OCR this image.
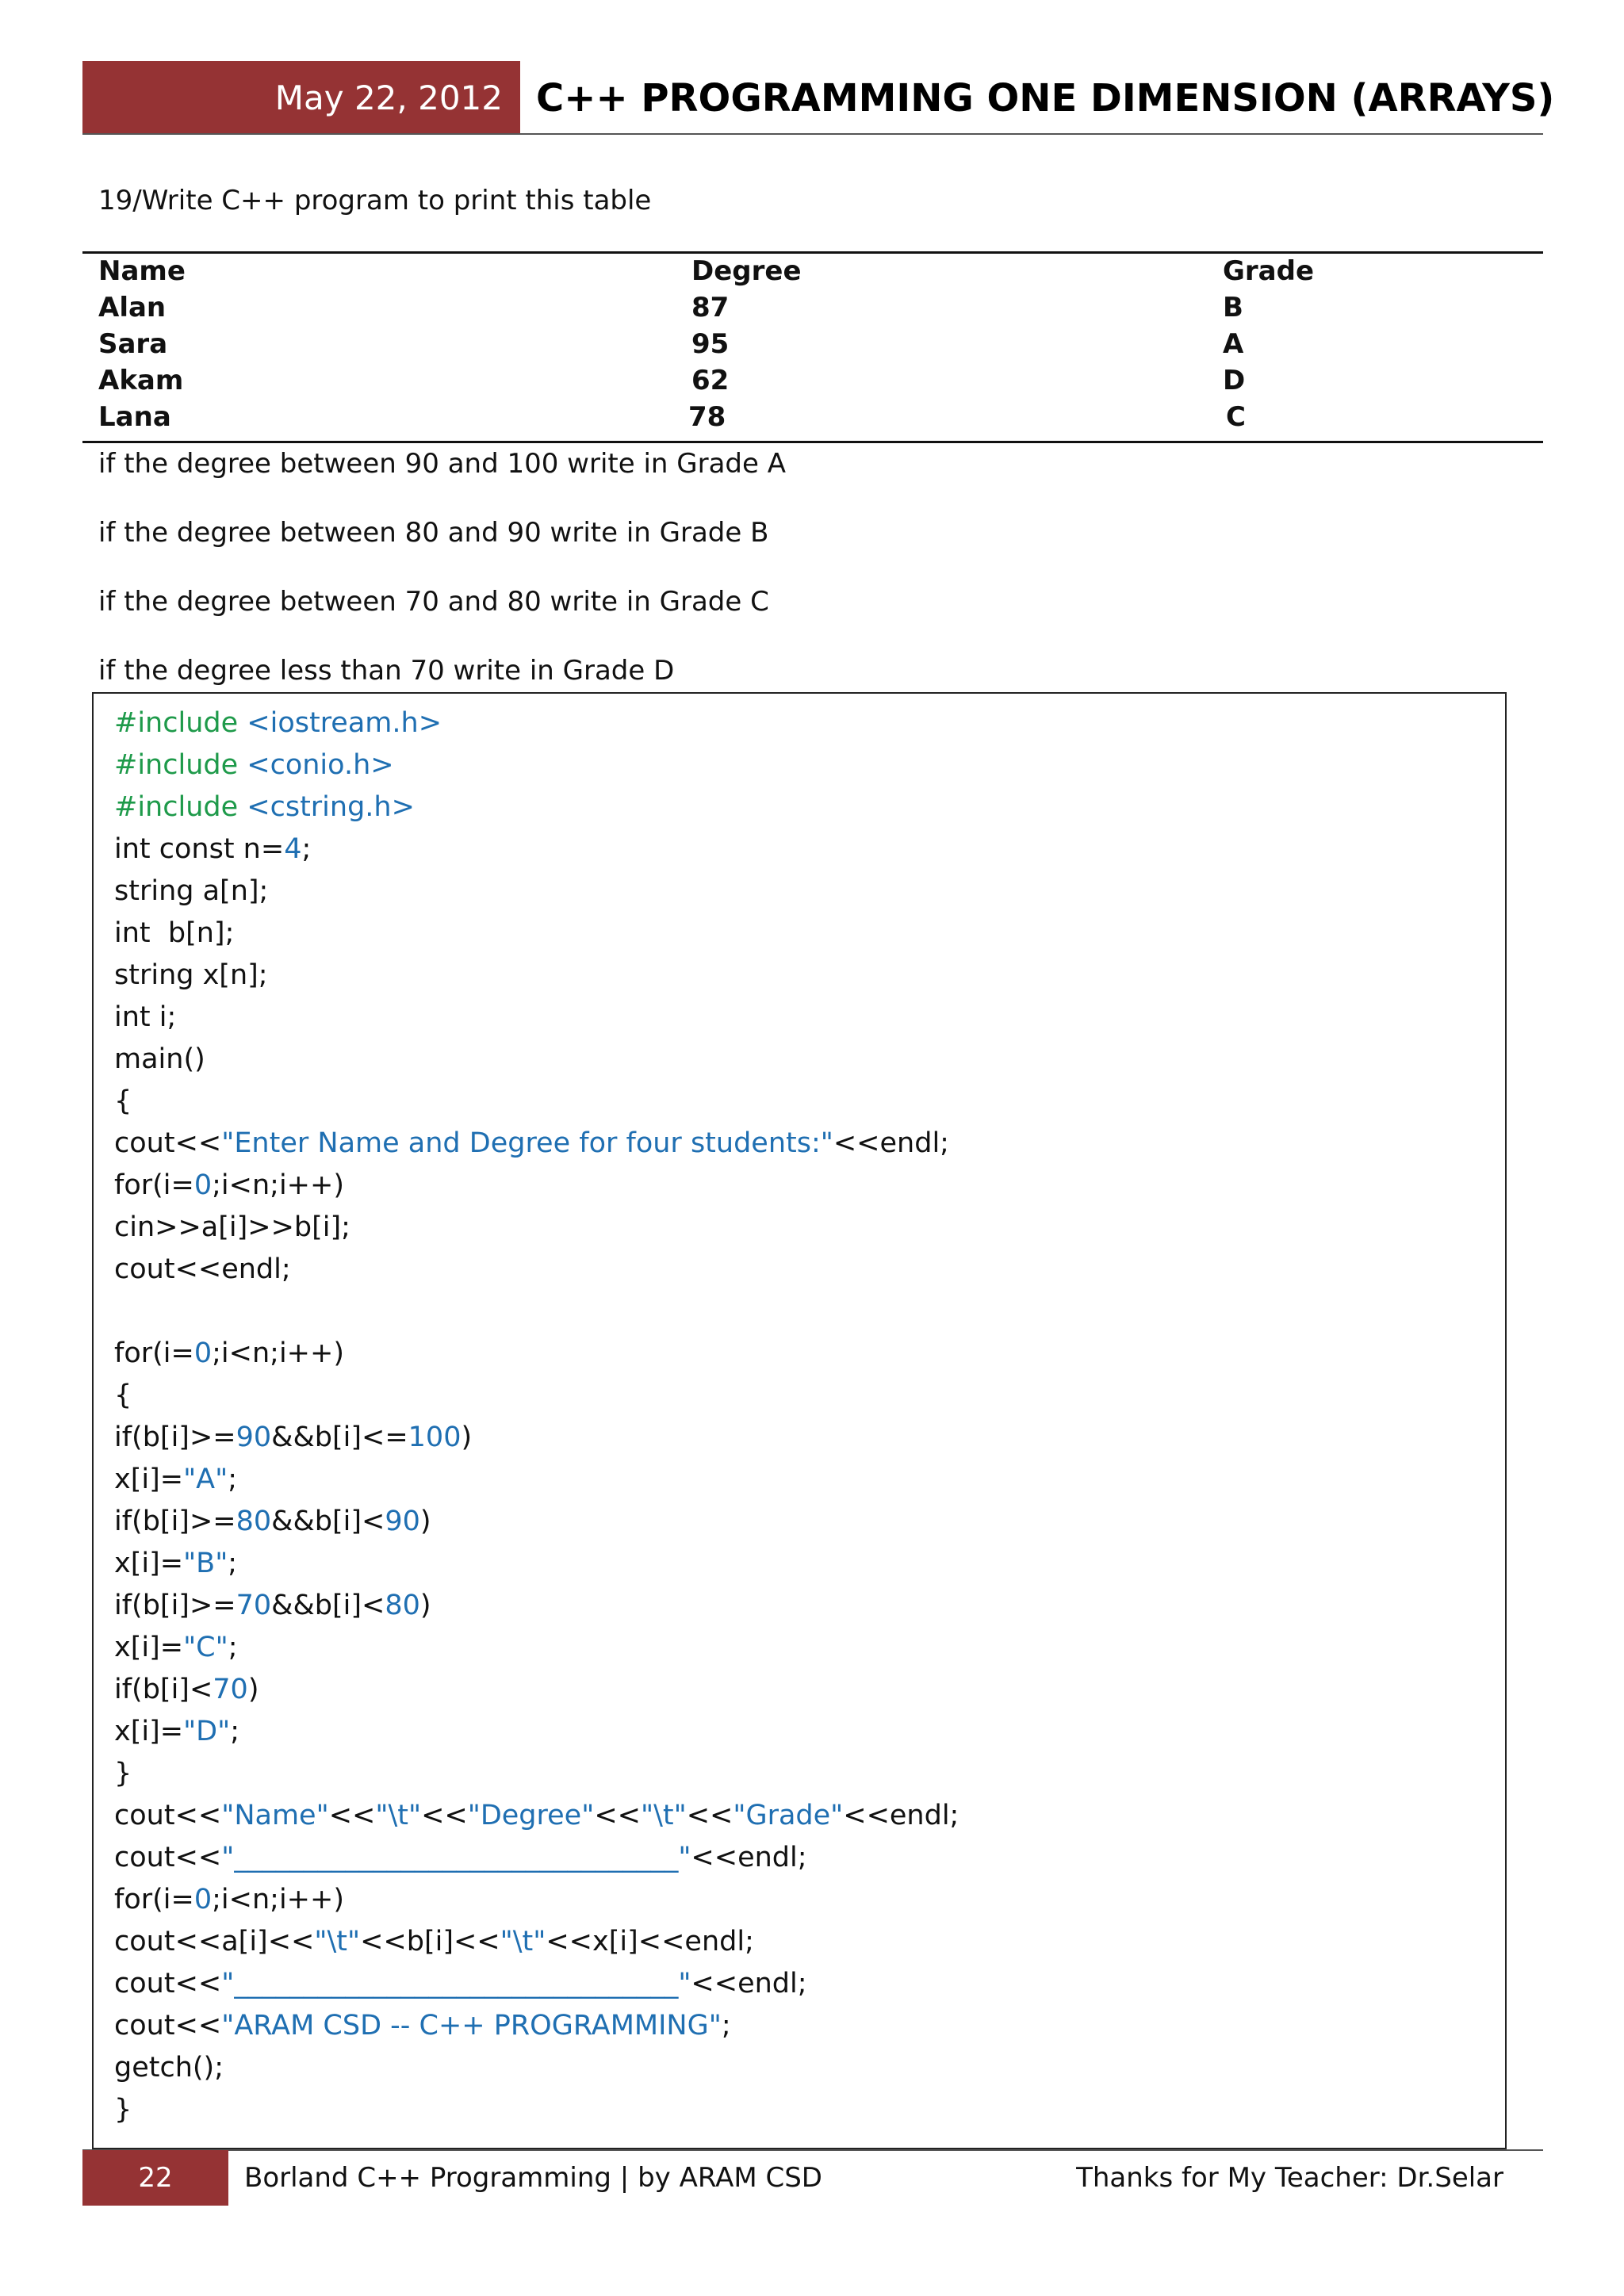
May 22, 2012 C++ PROGRAMMING ONE DIMENSION (ARRAYS)
19/Write C++ program to print this table
Name	Degree	Grade
Alan	87	B
Sara	95	A
Akam	62	D
Lana	78	C
if the degree between 90 and 100 write in Grade A
if the degree between 80 and 90 write in Grade B
if the degree between 70 and 80 write in Grade C
if the degree less than 70 write in Grade D
#include <iostream.h>
#include <conio.h>
#include <cstring.h>
int const n=4;
string a[n];
int  b[n];
string x[n];
int i;
main()
{
cout<<"Enter Name and Degree for four students:"<<endl;
for(i=0;i<n;i++)
cin>>a[i]>>b[i];
cout<<endl;
for(i=0;i<n;i++)
{
if(b[i]>=90&&b[i]<=100)
x[i]="A";
if(b[i]>=80&&b[i]<90)
x[i]="B";
if(b[i]>=70&&b[i]<80)
x[i]="C";
if(b[i]<70)
x[i]="D";
}
cout<<"Name"<<"\t"<<"Degree"<<"\t"<<"Grade"<<endl;
cout<<"________________________________"<<endl;
for(i=0;i<n;i++)
cout<<a[i]<<"\t"<<b[i]<<"\t"<<x[i]<<endl;
cout<<"________________________________"<<endl;
cout<<"ARAM CSD -- C++ PROGRAMMING";
getch();
}
22	Borland C++ Programming | by ARAM CSD	Thanks for My Teacher: Dr.Selar
